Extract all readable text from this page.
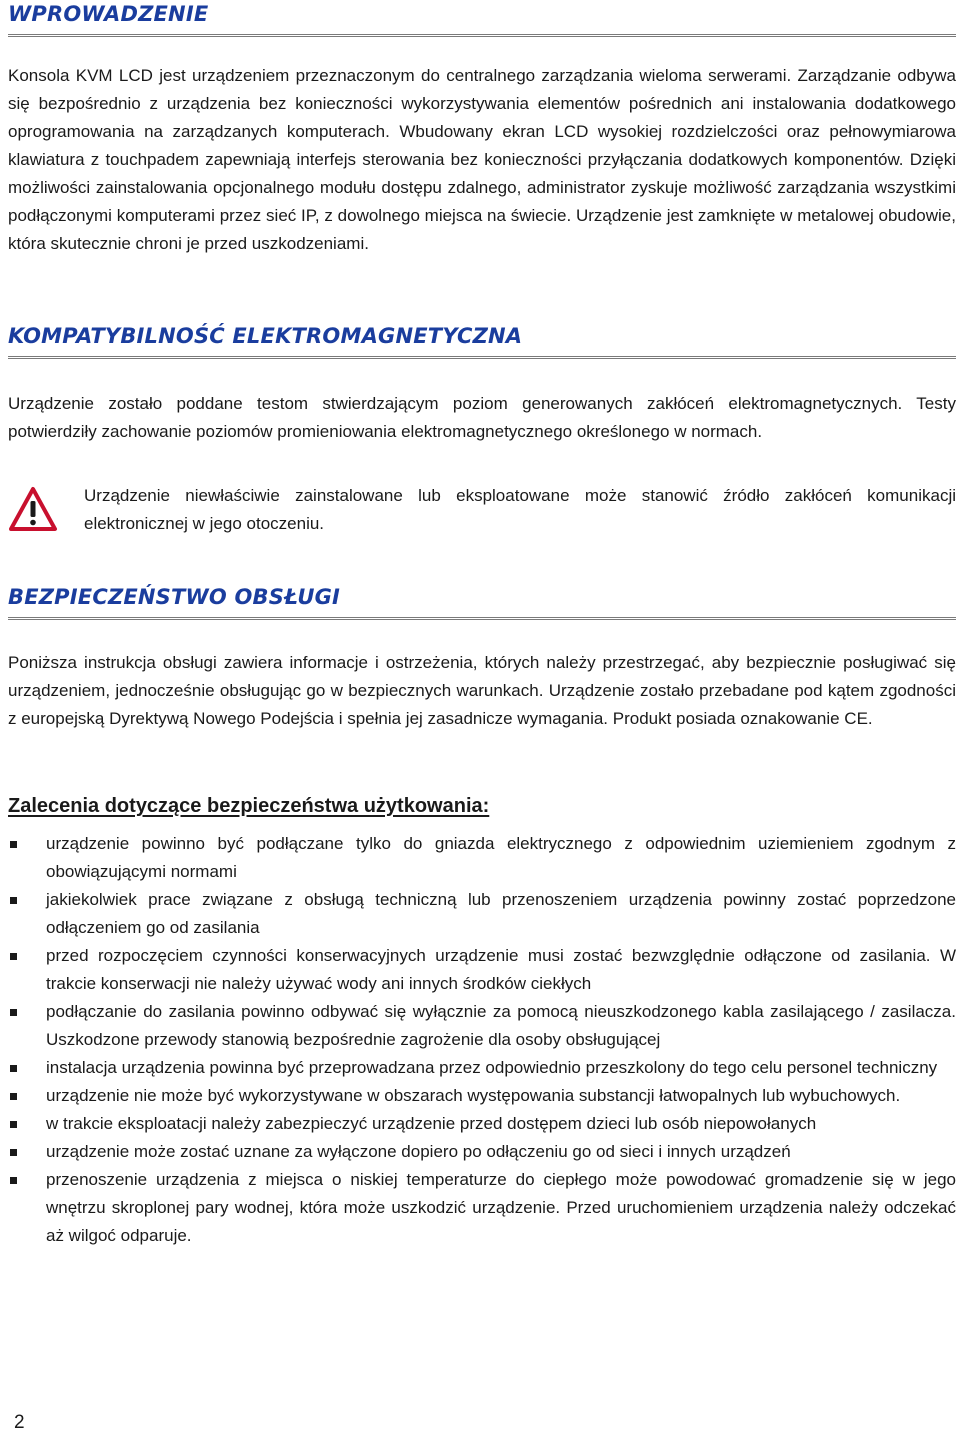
WPROWADZENIE

Konsola KVM LCD jest urządzeniem przeznaczonym do centralnego zarządzania wieloma serwerami. Zarządzanie odbywa się bezpośrednio z urządzenia bez konieczności wykorzystywania elementów pośrednich ani instalowania dodatkowego oprogramowania na zarządzanych komputerach. Wbudowany ekran LCD wysokiej rozdzielczości oraz pełnowymiarowa klawiatura z touchpadem zapewniają interfejs sterowania bez konieczności przyłączania dodatkowych komponentów. Dzięki możliwości zainstalowania opcjonalnego modułu dostępu zdalnego, administrator zyskuje możliwość zarządzania wszystkimi podłączonymi komputerami przez sieć IP, z dowolnego miejsca na świecie. Urządzenie jest zamknięte w metalowej obudowie, która skutecznie chroni je przed uszkodzeniami.

KOMPATYBILNOŚĆ ELEKTROMAGNETYCZNA

Urządzenie zostało poddane testom stwierdzającym poziom generowanych zakłóceń elektromagnetycznych. Testy potwierdziły zachowanie poziomów promieniowania elektromagnetycznego określonego w normach.

Urządzenie niewłaściwie zainstalowane lub eksploatowane może stanowić źródło zakłóceń komunikacji elektronicznej w jego otoczeniu.

BEZPIECZEŃSTWO OBSŁUGI

Poniższa instrukcja obsługi zawiera informacje i ostrzeżenia, których należy przestrzegać, aby bezpiecznie posługiwać się urządzeniem, jednocześnie obsługując go w bezpiecznych warunkach. Urządzenie zostało przebadane pod kątem zgodności z europejską Dyrektywą Nowego Podejścia i spełnia jej zasadnicze wymagania. Produkt posiada oznakowanie CE.

Zalecenia dotyczące bezpieczeństwa użytkowania:
urządzenie powinno być podłączane tylko do gniazda elektrycznego z odpowiednim uziemieniem zgodnym z obowiązującymi normami
jakiekolwiek prace związane z obsługą techniczną lub przenoszeniem urządzenia powinny zostać poprzedzone odłączeniem go od zasilania
przed rozpoczęciem czynności konserwacyjnych urządzenie musi zostać bezwzględnie odłączone od zasilania. W trakcie konserwacji nie należy używać wody ani innych środków ciekłych
podłączanie do zasilania powinno odbywać się wyłącznie za pomocą nieuszkodzonego kabla zasilającego / zasilacza. Uszkodzone przewody stanowią bezpośrednie zagrożenie dla osoby obsługującej
instalacja urządzenia powinna być przeprowadzana przez odpowiednio przeszkolony do tego celu personel techniczny
urządzenie nie może być wykorzystywane w obszarach występowania substancji łatwopalnych lub wybuchowych.
w trakcie eksploatacji należy zabezpieczyć urządzenie przed dostępem dzieci lub osób niepowołanych
urządzenie może zostać uznane za wyłączone dopiero po odłączeniu go od sieci i innych urządzeń
przenoszenie urządzenia z miejsca o niskiej temperaturze do ciepłego może powodować gromadzenie się w jego wnętrzu skroplonej pary wodnej, która może uszkodzić urządzenie. Przed uruchomieniem urządzenia należy odczekać aż wilgoć odparuje.

2
